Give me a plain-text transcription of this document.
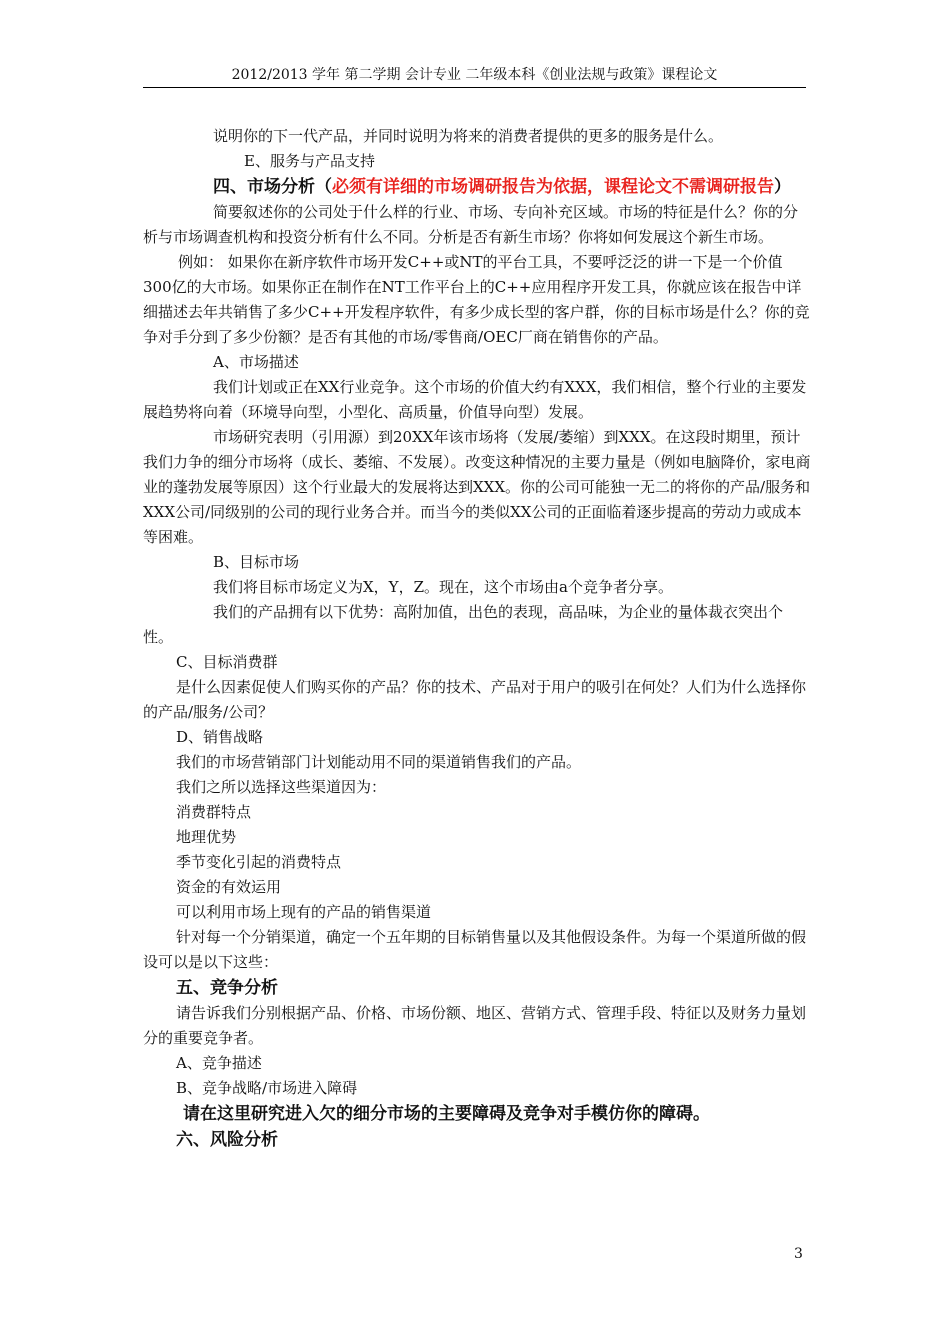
2012/2013 学年 第二学期 会计专业 二年级本科《创业法规与政策》课程论文

说明你的下一代产品，并同时说明为将来的消费者提供的更多的服务是什么。

E、服务与产品支持

四、市场分析（必须有详细的市场调研报告为依据，课程论文不需调研报告）

简要叙述你的公司处于什么样的行业、市场、专向补充区域。市场的特征是什么？你的分析与市场调查机构和投资分析有什么不同。分析是否有新生市场？你将如何发展这个新生市场。

例如： 如果你在新序软件市场开发C++或NT的平台工具，不要呼泛泛的讲一下是一个价值300亿的大市场。如果你正在制作在NT工作平台上的C++应用程序开发工具，你就应该在报告中详细描述去年共销售了多少C++开发程序软件，有多少成长型的客户群，你的目标市场是什么？你的竞争对手分到了多少份额？是否有其他的市场/零售商/OEC厂商在销售你的产品。

A、市场描述

我们计划或正在XX行业竞争。这个市场的价值大约有XXX，我们相信，整个行业的主要发展趋势将向着（环境导向型，小型化、高质量，价值导向型）发展。

市场研究表明（引用源）到20XX年该市场将（发展/萎缩）到XXX。在这段时期里，预计我们力争的细分市场将（成长、萎缩、不发展）。改变这种情况的主要力量是（例如电脑降价，家电商业的蓬勃发展等原因）这个行业最大的发展将达到XXX。你的公司可能独一无二的将你的产品/服务和XXX公司/同级别的公司的现行业务合并。而当今的类似XX公司的正面临着逐步提高的劳动力或成本等困难。

B、目标市场

我们将目标市场定义为X，Y，Z。现在，这个市场由a个竞争者分享。

我们的产品拥有以下优势：高附加值，出色的表现，高品味，为企业的量体裁衣突出个性。

C、目标消费群

是什么因素促使人们购买你的产品？你的技术、产品对于用户的吸引在何处？人们为什么选择你的产品/服务/公司？

D、销售战略

我们的市场营销部门计划能动用不同的渠道销售我们的产品。

我们之所以选择这些渠道因为：

消费群特点

地理优势

季节变化引起的消费特点

资金的有效运用

可以利用市场上现有的产品的销售渠道

针对每一个分销渠道，确定一个五年期的目标销售量以及其他假设条件。为每一个渠道所做的假设可以是以下这些：

五、竞争分析

请告诉我们分别根据产品、价格、市场份额、地区、营销方式、管理手段、特征以及财务力量划分的重要竞争者。

A、竞争描述

B、竞争战略/市场进入障碍

请在这里研究进入欠的细分市场的主要障碍及竞争对手模仿你的障碍。

六、风险分析

3
